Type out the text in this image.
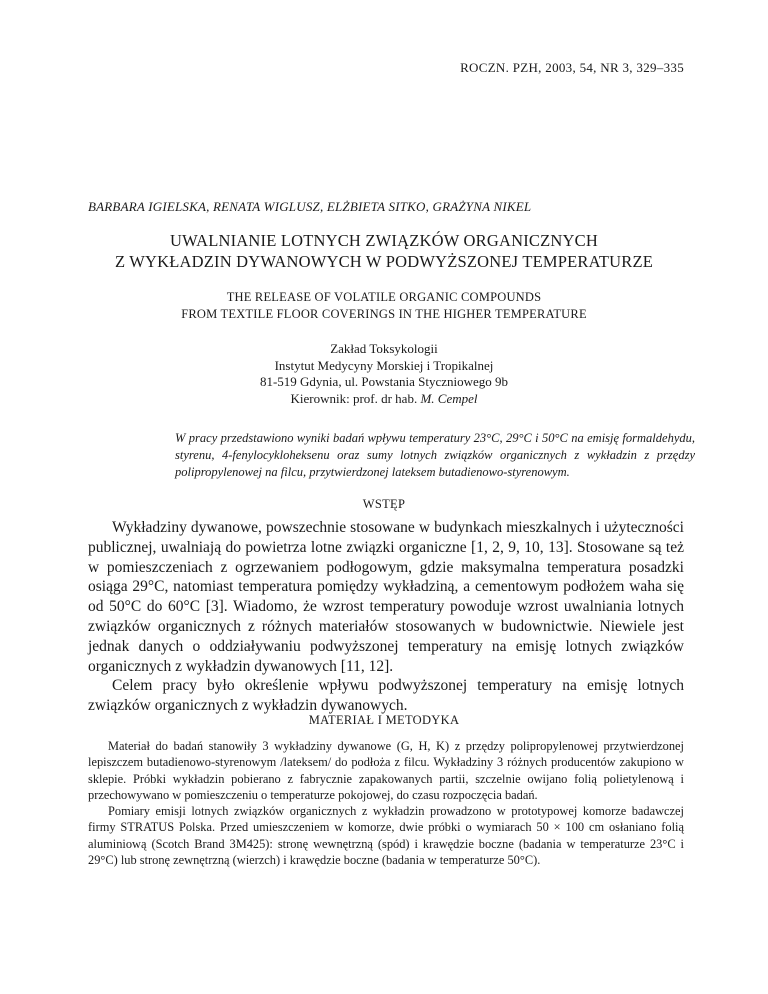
ROCZN. PZH, 2003, 54, NR 3, 329–335
BARBARA IGIELSKA, RENATA WIGLUSZ, ELŻBIETA SITKO, GRAŻYNA NIKEL
UWALNIANIE LOTNYCH ZWIĄZKÓW ORGANICZNYCH
Z WYKŁADZIN DYWANOWYCH W PODWYŻSZONEJ TEMPERATURZE
THE RELEASE OF VOLATILE ORGANIC COMPOUNDS
FROM TEXTILE FLOOR COVERINGS IN THE HIGHER TEMPERATURE
Zakład Toksykologii
Instytut Medycyny Morskiej i Tropikalnej
81-519 Gdynia, ul. Powstania Styczniowego 9b
Kierownik: prof. dr hab. M. Cempel
W pracy przedstawiono wyniki badań wpływu temperatury 23°C, 29°C i 50°C na emisję formaldehydu, styrenu, 4-fenylocykloheksenu oraz sumy lotnych związków organicznych z wykładzin z przędzy polipropylenowej na filcu, przytwierdzonej lateksem butadienowo-styrenowym.
WSTĘP

Wykładziny dywanowe, powszechnie stosowane w budynkach mieszkalnych i użyteczności publicznej, uwalniają do powietrza lotne związki organiczne [1, 2, 9, 10, 13]. Stosowane są też w pomieszczeniach z ogrzewaniem podłogowym, gdzie maksymalna temperatura posadzki osiąga 29°C, natomiast temperatura pomiędzy wykładziną, a cementowym podłożem waha się od 50°C do 60°C [3]. Wiadomo, że wzrost temperatury powoduje wzrost uwalniania lotnych związków organicznych z różnych materiałów stosowanych w budownictwie. Niewiele jest jednak danych o oddziaływaniu podwyższonej temperatury na emisję lotnych związków organicznych z wykładzin dywanowych [11, 12].

Celem pracy było określenie wpływu podwyższonej temperatury na emisję lotnych związków organicznych z wykładzin dywanowych.

MATERIAŁ I METODYKA

Materiał do badań stanowiły 3 wykładziny dywanowe (G, H, K) z przędzy polipropylenowej przytwierdzonej lepiszczem butadienowo-styrenowym /lateksem/ do podłoża z filcu. Wykładziny 3 różnych producentów zakupiono w sklepie. Próbki wykładzin pobierano z fabrycznie zapakowanych partii, szczelnie owijano folią polietylenową i przechowywano w pomieszczeniu o temperaturze pokojowej, do czasu rozpoczęcia badań.

Pomiary emisji lotnych związków organicznych z wykładzin prowadzono w prototypowej komorze badawczej firmy STRATUS Polska. Przed umieszczeniem w komorze, dwie próbki o wymiarach 50 × 100 cm osłaniano folią aluminiową (Scotch Brand 3M425): stronę wewnętrzną (spód) i krawędzie boczne (badania w temperaturze 23°C i 29°C) lub stronę zewnętrzną (wierzch) i krawędzie boczne (badania w temperaturze 50°C).
